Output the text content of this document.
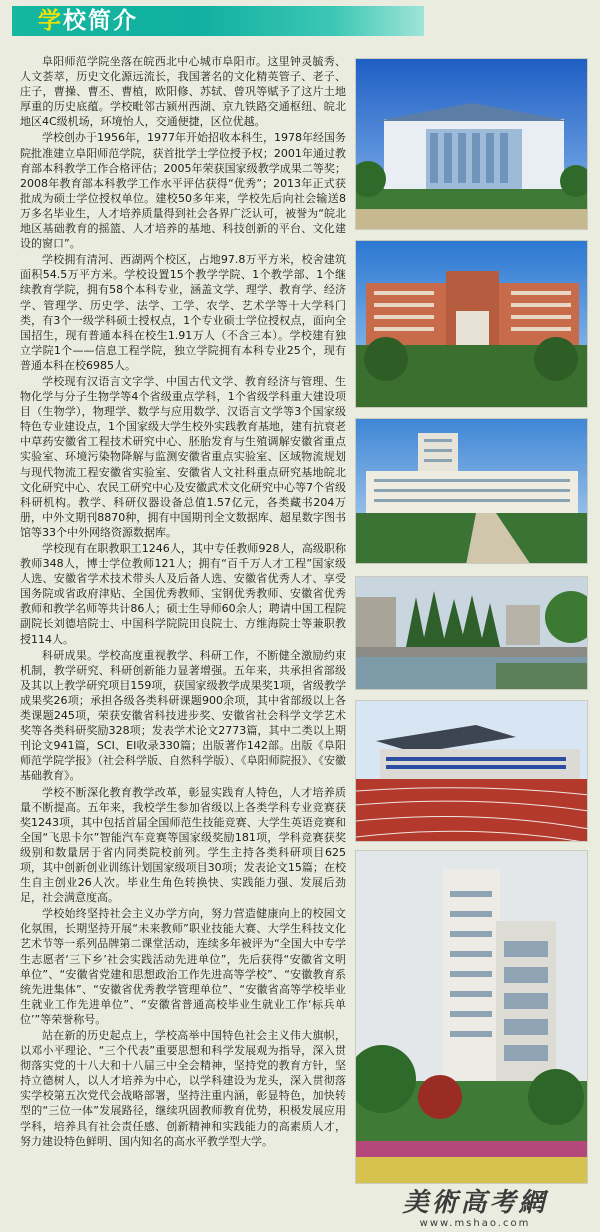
学校简介

阜阳师范学院坐落在皖西北中心城市阜阳市。这里钟灵毓秀、人文荟萃，历史文化源远流长，我国著名的文化精英管子、老子、庄子，曹操、曹丕、曹植，欧阳修、苏轼、曾巩等赋予了这片土地厚重的历史底蕴。学校毗邻古颍州西湖、京九铁路交通枢纽、皖北地区4C级机场，环境怡人，交通便捷，区位优越。

学校创办于1956年，1977年开始招收本科生，1978年经国务院批准建立阜阳师范学院，获首批学士学位授予权；2001年通过教育部本科教学工作合格评估；2005年荣获国家级教学成果二等奖；2008年教育部本科教学工作水平评估获得“优秀”；2013年正式获批成为硕士学位授权单位。建校50多年来，学校先后向社会输送8万多名毕业生，人才培养质量得到社会各界广泛认可，被誉为“皖北地区基础教育的摇篮、人才培养的基地、科技创新的平台、文化建设的窗口”。

学校拥有清河、西湖两个校区，占地97.8万平方米，校舍建筑面积54.5万平方米。学校设置15个教学学院、1个教学部、1个继续教育学院，拥有58个本科专业，涵盖文学、理学、教育学、经济学、管理学、历史学、法学、工学、农学、艺术学等十大学科门类，有3个一级学科硕士授权点，1个专业硕士学位授权点，面向全国招生，现有普通本科在校生1.91万人（不含三本）。学校建有独立学院1个——信息工程学院，独立学院拥有本科专业25个，现有普通本科在校6985人。

学校现有汉语言文字学、中国古代文学、教育经济与管理、生物化学与分子生物学等4个省级重点学科，1个省级学科重大建设项目（生物学），物理学、数学与应用数学、汉语言文学等3个国家级特色专业建设点，1个国家级大学生校外实践教育基地，建有抗衰老中草药安徽省工程技术研究中心、胚胎发育与生殖调解安徽省重点实验室、环境污染物降解与监测安徽省重点实验室、区域物流规划与现代物流工程安徽省实验室、安徽省人文社科重点研究基地皖北文化研究中心、农民工研究中心及安徽武术文化研究中心等7个省级科研机构。教学、科研仪器设备总值1.57亿元，各类藏书204万册，中外文期刊8870种，拥有中国期刊全文数据库、超星数字图书馆等33个中外网络资源数据库。

学校现有在职教职工1246人，其中专任教师928人，高级职称教师348人，博士学位教师121人；拥有“百千万人才工程”国家级人选、安徽省学术技术带头人及后备人选、安徽省优秀人才、享受国务院或省政府津贴、全国优秀教师、宝钢优秀教师、安徽省优秀教师和教学名师等共计86人；硕士生导师60余人；聘请中国工程院副院长刘德培院士、中国科学院院田良院士、方维海院士等兼职教授114人。

科研成果。学校高度重视教学、科研工作，不断健全激励约束机制，教学研究、科研创新能力显著增强。五年来，共承担省部级及其以上教学研究项目159项，获国家级教学成果奖1项，省级教学成果奖26项；承担各级各类科研课题900余项，其中省部级以上各类课题245项，荣获安徽省科技进步奖、安徽省社会科学文学艺术奖等各类科研奖励328项；发表学术论文2773篇，其中二类以上期刊论文941篇，SCI、EI收录330篇；出版著作142部。出版《阜阳师范学院学报》（社会科学版、自然科学版）、《阜阳师院报》、《安徽基础教育》。

学校不断深化教育教学改革，彰显实践育人特色，人才培养质量不断提高。五年来，我校学生参加省级以上各类学科专业竞赛获奖1243项，其中包括首届全国师范生技能竞赛、大学生英语竞赛和全国“飞思卡尔”智能汽车竞赛等国家级奖励181项，学科竞赛获奖级别和数量居于省内同类院校前列。学生主持各类科研项目625项，其中创新创业训练计划国家级项目30项；发表论文15篇；在校生自主创业26人次。毕业生角色转换快、实践能力强、发展后劲足，社会满意度高。

学校始终坚持社会主义办学方向，努力营造健康向上的校园文化氛围，长期坚持开展“未来教师”职业技能大赛、大学生科技文化艺术节等一系列品牌第二课堂活动，连续多年被评为“全国大中专学生志愿者‘三下乡’社会实践活动先进单位”，先后获得“安徽省文明单位”、“安徽省党建和思想政治工作先进高等学校”、“安徽教育系统先进集体”、“安徽省优秀教学管理单位”、“安徽省高等学校毕业生就业工作先进单位”、“安徽省普通高校毕业生就业工作‘标兵单位’”等荣誉称号。

站在新的历史起点上，学校高举中国特色社会主义伟大旗帜，以邓小平理论、“三个代表”重要思想和科学发展观为指导，深入贯彻落实党的十八大和十八届三中全会精神，坚持党的教育方针，坚持立德树人，以人才培养为中心，以学科建设为龙头，深入贯彻落实学校第五次党代会战略部署，坚持注重内涵，彰显特色，加快转型的“三位一体”发展路径，继续巩固教师教育优势，积极发展应用学科，培养具有社会责任感、创新精神和实践能力的高素质人才，努力建设特色鲜明、国内知名的高水平教学型大学。

美術高考網
www.mshao.com
